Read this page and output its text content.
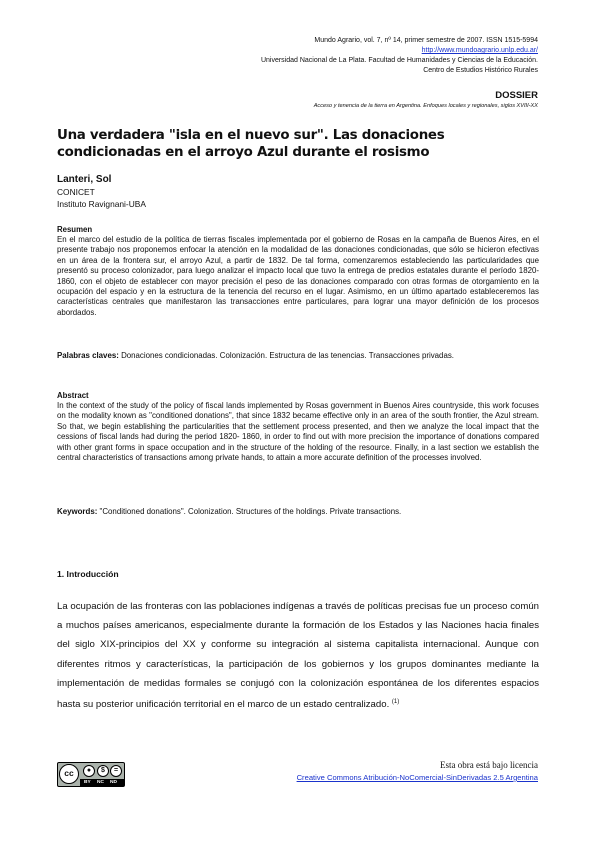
Mundo Agrario, vol. 7, nº 14, primer semestre de 2007. ISSN 1515-5994
http://www.mundoagrario.unlp.edu.ar/
Universidad Nacional de La Plata. Facultad de Humanidades y Ciencias de la Educación.
Centro de Estudios Histórico Rurales
DOSSIER
Acceso y tenencia de la tierra en Argentina. Enfoques locales y regionales, siglos XVIII-XX
Una verdadera "isla en el nuevo sur". Las donaciones condicionadas en el arroyo Azul durante el rosismo
Lanteri, Sol
CONICET
Instituto Ravignani-UBA
Resumen
En el marco del estudio de la política de tierras fiscales implementada por el gobierno de Rosas en la campaña de Buenos Aires, en el presente trabajo nos proponemos enfocar la atención en la modalidad de las donaciones condicionadas, que sólo se hicieron efectivas en un área de la frontera sur, el arroyo Azul, a partir de 1832. De tal forma, comenzaremos estableciendo las particularidades que presentó su proceso colonizador, para luego analizar el impacto local que tuvo la entrega de predios estatales durante el período 1820-1860, con el objeto de establecer con mayor precisión el peso de las donaciones comparado con otras formas de otorgamiento en la ocupación del espacio y en la estructura de la tenencia del recurso en el lugar. Asimismo, en un último apartado estableceremos las características centrales que manifestaron las transacciones entre particulares, para lograr una mayor definición de los procesos abordados.
Palabras claves: Donaciones condicionadas. Colonización. Estructura de las tenencias. Transacciones privadas.
Abstract
In the context of the study of the policy of fiscal lands implemented by Rosas government in Buenos Aires countryside, this work focuses on the modality known as "conditioned donations", that since 1832 became effective only in an area of the south frontier, the Azul stream. So that, we begin establishing the particularities that the settlement process presented, and then we analyze the local impact that the cessions of fiscal lands had during the period 1820- 1860, in order to find out with more precision the importance of donations compared with other grant forms in space occupation and in the structure of the holding of the resource. Finally, in a last section we establish the central characteristics of transactions among private hands, to attain a more accurate definition of the processes involved.
Keywords: "Conditioned donations". Colonization. Structures of the holdings. Private transactions.
1. Introducción
La ocupación de las fronteras con las poblaciones indígenas a través de políticas precisas fue un proceso común a muchos países americanos, especialmente durante la formación de los Estados y las Naciones hacia finales del siglo XIX-principios del XX y conforme su integración al sistema capitalista internacional. Aunque con diferentes ritmos y características, la participación de los gobiernos y los grupos dominantes mediante la implementación de medidas formales se conjugó con la colonización espontánea de los diferentes espacios hasta su posterior unificación territorial en el marco de un estado centralizado. $^{(1)}$
cc	●	$	=
BY NC ND
Esta obra está bajo licencia
Creative Commons Atribución-NoComercial-SinDerivadas 2.5 Argentina
